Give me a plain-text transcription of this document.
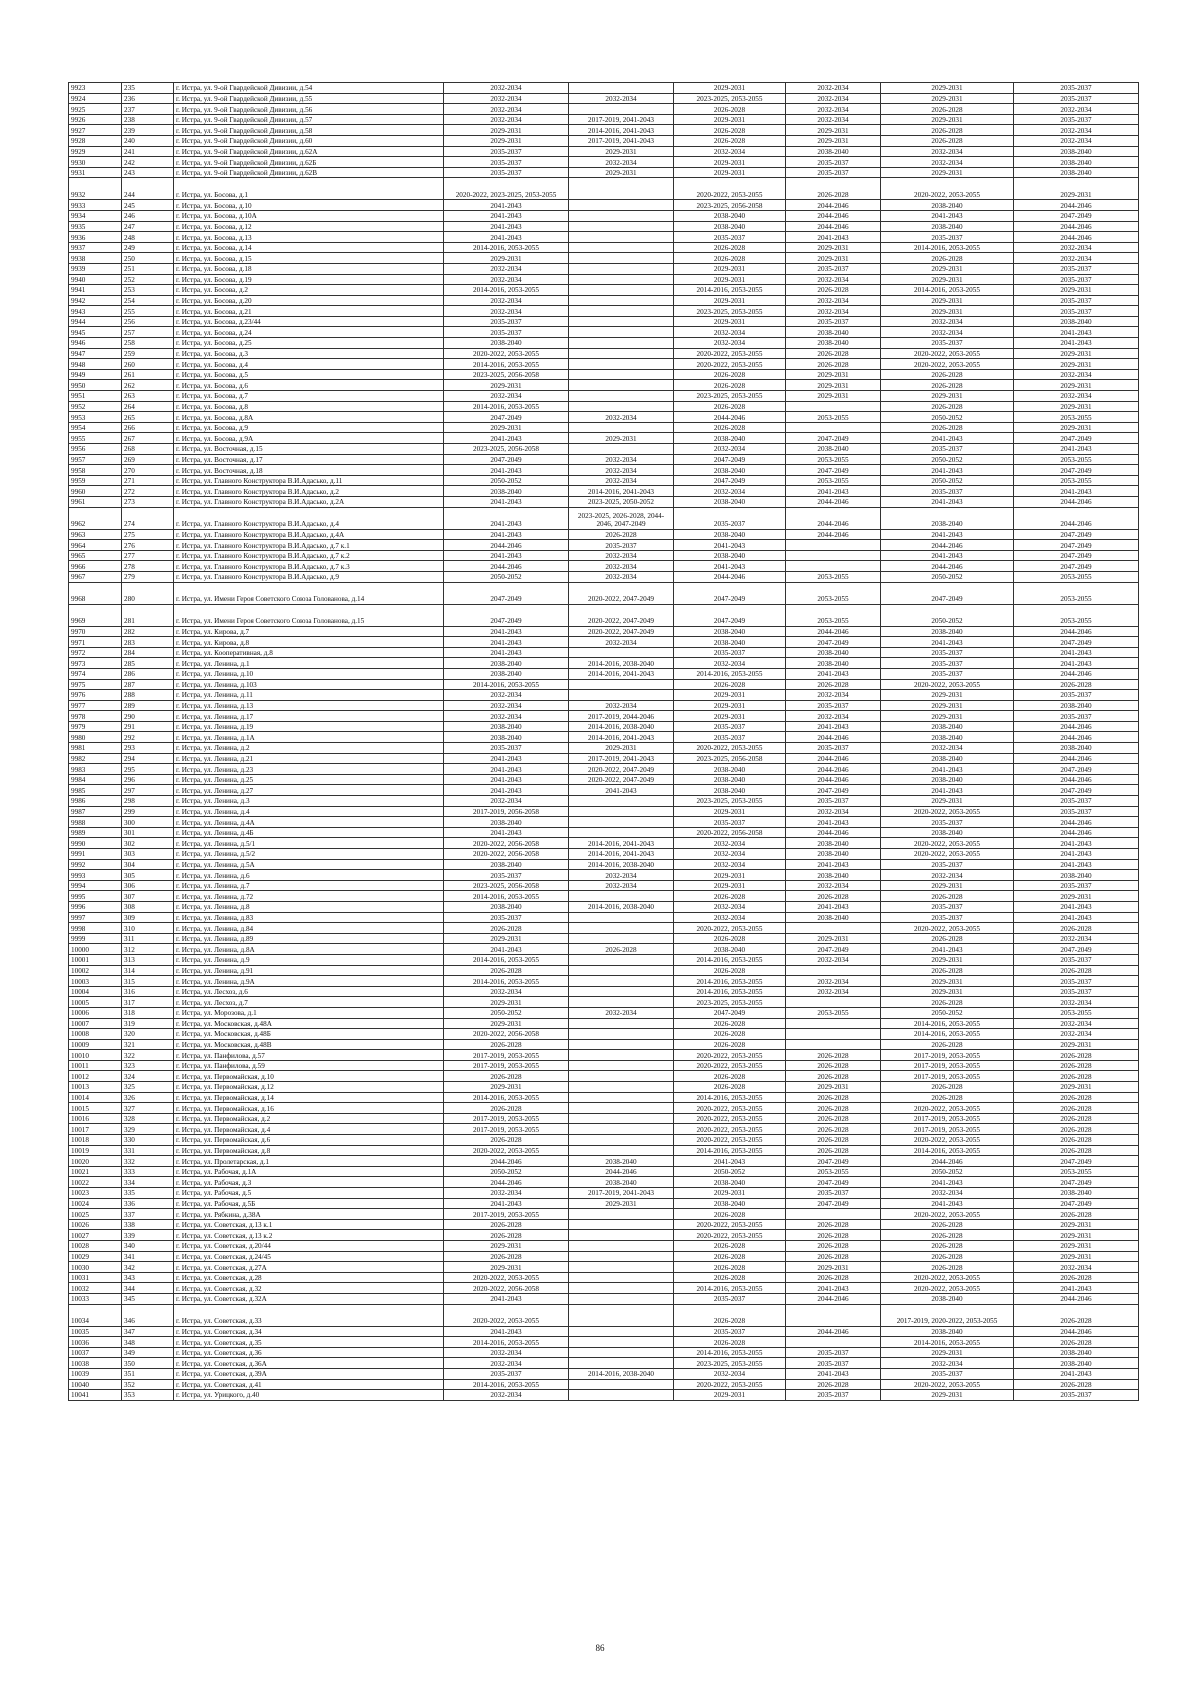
9923	235	г. Истра, ул. 9-ой Гвардейской Дивизии, д.54	2032-2034		2029-2031	2032-2034	2029-2031	2035-2037
9924	236	г. Истра, ул. 9-ой Гвардейской Дивизии, д.55	2032-2034	2032-2034	2023-2025, 2053-2055	2032-2034	2029-2031	2035-2037
9925	237	г. Истра, ул. 9-ой Гвардейской Дивизии, д.56	2032-2034		2026-2028	2032-2034	2026-2028	2032-2034
9926	238	г. Истра, ул. 9-ой Гвардейской Дивизии, д.57	2032-2034	2017-2019, 2041-2043	2029-2031	2032-2034	2029-2031	2035-2037
9927	239	г. Истра, ул. 9-ой Гвардейской Дивизии, д.58	2029-2031	2014-2016, 2041-2043	2026-2028	2029-2031	2026-2028	2032-2034
9928	240	г. Истра, ул. 9-ой Гвардейской Дивизии, д.60	2029-2031	2017-2019, 2041-2043	2026-2028	2029-2031	2026-2028	2032-2034
9929	241	г. Истра, ул. 9-ой Гвардейской Дивизии, д.62А	2035-2037	2029-2031	2032-2034	2038-2040	2032-2034	2038-2040
9930	242	г. Истра, ул. 9-ой Гвардейской Дивизии, д.62Б	2035-2037	2032-2034	2029-2031	2035-2037	2032-2034	2038-2040
9931	243	г. Истра, ул. 9-ой Гвардейской Дивизии, д.62В	2035-2037	2029-2031	2029-2031	2035-2037	2029-2031	2038-2040
9932	244	г. Истра, ул. Босова, д.1	2020-2022, 2023-2025, 2053-2055		2020-2022, 2053-2055	2026-2028	2020-2022, 2053-2055	2029-2031
9933	245	г. Истра, ул. Босова, д.10	2041-2043		2023-2025, 2056-2058	2044-2046	2038-2040	2044-2046
9934	246	г. Истра, ул. Босова, д.10А	2041-2043		2038-2040	2044-2046	2041-2043	2047-2049
9935	247	г. Истра, ул. Босова, д.12	2041-2043		2038-2040	2044-2046	2038-2040	2044-2046
9936	248	г. Истра, ул. Босова, д.13	2041-2043		2035-2037	2041-2043	2035-2037	2044-2046
9937	249	г. Истра, ул. Босова, д.14	2014-2016, 2053-2055		2026-2028	2029-2031	2014-2016, 2053-2055	2032-2034
9938	250	г. Истра, ул. Босова, д.15	2029-2031		2026-2028	2029-2031	2026-2028	2032-2034
9939	251	г. Истра, ул. Босова, д.18	2032-2034		2029-2031	2035-2037	2029-2031	2035-2037
9940	252	г. Истра, ул. Босова, д.19	2032-2034		2029-2031	2032-2034	2029-2031	2035-2037
9941	253	г. Истра, ул. Босова, д.2	2014-2016, 2053-2055		2014-2016, 2053-2055	2026-2028	2014-2016, 2053-2055	2029-2031
9942	254	г. Истра, ул. Босова, д.20	2032-2034		2029-2031	2032-2034	2029-2031	2035-2037
9943	255	г. Истра, ул. Босова, д.21	2032-2034		2023-2025, 2053-2055	2032-2034	2029-2031	2035-2037
9944	256	г. Истра, ул. Босова, д.23/44	2035-2037		2029-2031	2035-2037	2032-2034	2038-2040
9945	257	г. Истра, ул. Босова, д.24	2035-2037		2032-2034	2038-2040	2032-2034	2041-2043
9946	258	г. Истра, ул. Босова, д.25	2038-2040		2032-2034	2038-2040	2035-2037	2041-2043
9947	259	г. Истра, ул. Босова, д.3	2020-2022, 2053-2055		2020-2022, 2053-2055	2026-2028	2020-2022, 2053-2055	2029-2031
9948	260	г. Истра, ул. Босова, д.4	2014-2016, 2053-2055		2020-2022, 2053-2055	2026-2028	2020-2022, 2053-2055	2029-2031
9949	261	г. Истра, ул. Босова, д.5	2023-2025, 2056-2058		2026-2028	2029-2031	2026-2028	2032-2034
9950	262	г. Истра, ул. Босова, д.6	2029-2031		2026-2028	2029-2031	2026-2028	2029-2031
9951	263	г. Истра, ул. Босова, д.7	2032-2034		2023-2025, 2053-2055	2029-2031	2029-2031	2032-2034
9952	264	г. Истра, ул. Босова, д.8	2014-2016, 2053-2055		2026-2028		2026-2028	2029-2031
9953	265	г. Истра, ул. Босова, д.8А	2047-2049	2032-2034	2044-2046	2053-2055	2050-2052	2053-2055
9954	266	г. Истра, ул. Босова, д.9	2029-2031		2026-2028		2026-2028	2029-2031
9955	267	г. Истра, ул. Босова, д.9А	2041-2043	2029-2031	2038-2040	2047-2049	2041-2043	2047-2049
9956	268	г. Истра, ул. Восточная, д.15	2023-2025, 2056-2058		2032-2034	2038-2040	2035-2037	2041-2043
9957	269	г. Истра, ул. Восточная, д.17	2047-2049	2032-2034	2047-2049	2053-2055	2050-2052	2053-2055
9958	270	г. Истра, ул. Восточная, д.18	2041-2043	2032-2034	2038-2040	2047-2049	2041-2043	2047-2049
9959	271	г. Истра, ул. Главного Конструктора В.И.Адасько, д.11	2050-2052	2032-2034	2047-2049	2053-2055	2050-2052	2053-2055
9960	272	г. Истра, ул. Главного Конструктора В.И.Адасько, д.2	2038-2040	2014-2016, 2041-2043	2032-2034	2041-2043	2035-2037	2041-2043
9961	273	г. Истра, ул. Главного Конструктора В.И.Адасько, д.2А	2041-2043	2023-2025, 2050-2052	2038-2040	2044-2046	2041-2043	2044-2046
9962	274	г. Истра, ул. Главного Конструктора В.И.Адасько, д.4	2041-2043	2023-2025, 2026-2028, 2044-2046, 2047-2049	2035-2037	2044-2046	2038-2040	2044-2046
9963	275	г. Истра, ул. Главного Конструктора В.И.Адасько, д.4А	2041-2043	2026-2028	2038-2040	2044-2046	2041-2043	2047-2049
9964	276	г. Истра, ул. Главного Конструктора В.И.Адасько, д.7 к.1	2044-2046	2035-2037	2041-2043		2044-2046	2047-2049
9965	277	г. Истра, ул. Главного Конструктора В.И.Адасько, д.7 к.2	2041-2043	2032-2034	2038-2040		2041-2043	2047-2049
9966	278	г. Истра, ул. Главного Конструктора В.И.Адасько, д.7 к.3	2044-2046	2032-2034	2041-2043		2044-2046	2047-2049
9967	279	г. Истра, ул. Главного Конструктора В.И.Адасько, д.9	2050-2052	2032-2034	2044-2046	2053-2055	2050-2052	2053-2055
9968	280	г. Истра, ул. Имени Героя Советского Союза Голованова, д.14	2047-2049	2020-2022, 2047-2049	2047-2049	2053-2055	2047-2049	2053-2055
9969	281	г. Истра, ул. Имени Героя Советского Союза Голованова, д.15	2047-2049	2020-2022, 2047-2049	2047-2049	2053-2055	2050-2052	2053-2055
9970	282	г. Истра, ул. Кирова, д.7	2041-2043	2020-2022, 2047-2049	2038-2040	2044-2046	2038-2040	2044-2046
9971	283	г. Истра, ул. Кирова, д.8	2041-2043	2032-2034	2038-2040	2047-2049	2041-2043	2047-2049
9972	284	г. Истра, ул. Кооперативная, д.8	2041-2043		2035-2037	2038-2040	2035-2037	2041-2043
9973	285	г. Истра, ул. Ленина, д.1	2038-2040	2014-2016, 2038-2040	2032-2034	2038-2040	2035-2037	2041-2043
9974	286	г. Истра, ул. Ленина, д.10	2038-2040	2014-2016, 2041-2043	2014-2016, 2053-2055	2041-2043	2035-2037	2044-2046
9975	287	г. Истра, ул. Ленина, д.103	2014-2016, 2053-2055		2026-2028	2026-2028	2020-2022, 2053-2055	2026-2028
9976	288	г. Истра, ул. Ленина, д.11	2032-2034		2029-2031	2032-2034	2029-2031	2035-2037
9977	289	г. Истра, ул. Ленина, д.13	2032-2034	2032-2034	2029-2031	2035-2037	2029-2031	2038-2040
9978	290	г. Истра, ул. Ленина, д.17	2032-2034	2017-2019, 2044-2046	2029-2031	2032-2034	2029-2031	2035-2037
9979	291	г. Истра, ул. Ленина, д.19	2038-2040	2014-2016, 2038-2040	2035-2037	2041-2043	2038-2040	2044-2046
9980	292	г. Истра, ул. Ленина, д.1А	2038-2040	2014-2016, 2041-2043	2035-2037	2044-2046	2038-2040	2044-2046
9981	293	г. Истра, ул. Ленина, д.2	2035-2037	2029-2031	2020-2022, 2053-2055	2035-2037	2032-2034	2038-2040
9982	294	г. Истра, ул. Ленина, д.21	2041-2043	2017-2019, 2041-2043	2023-2025, 2056-2058	2044-2046	2038-2040	2044-2046
9983	295	г. Истра, ул. Ленина, д.23	2041-2043	2020-2022, 2047-2049	2038-2040	2044-2046	2041-2043	2047-2049
9984	296	г. Истра, ул. Ленина, д.25	2041-2043	2020-2022, 2047-2049	2038-2040	2044-2046	2038-2040	2044-2046
9985	297	г. Истра, ул. Ленина, д.27	2041-2043	2041-2043	2038-2040	2047-2049	2041-2043	2047-2049
9986	298	г. Истра, ул. Ленина, д.3	2032-2034		2023-2025, 2053-2055	2035-2037	2029-2031	2035-2037
9987	299	г. Истра, ул. Ленина, д.4	2017-2019, 2056-2058		2029-2031	2032-2034	2020-2022, 2053-2055	2035-2037
9988	300	г. Истра, ул. Ленина, д.4А	2038-2040		2035-2037	2041-2043	2035-2037	2044-2046
9989	301	г. Истра, ул. Ленина, д.4Б	2041-2043		2020-2022, 2056-2058	2044-2046	2038-2040	2044-2046
9990	302	г. Истра, ул. Ленина, д.5/1	2020-2022, 2056-2058	2014-2016, 2041-2043	2032-2034	2038-2040	2020-2022, 2053-2055	2041-2043
9991	303	г. Истра, ул. Ленина, д.5/2	2020-2022, 2056-2058	2014-2016, 2041-2043	2032-2034	2038-2040	2020-2022, 2053-2055	2041-2043
9992	304	г. Истра, ул. Ленина, д.5А	2038-2040	2014-2016, 2038-2040	2032-2034	2041-2043	2035-2037	2041-2043
9993	305	г. Истра, ул. Ленина, д.6	2035-2037	2032-2034	2029-2031	2038-2040	2032-2034	2038-2040
9994	306	г. Истра, ул. Ленина, д.7	2023-2025, 2056-2058	2032-2034	2029-2031	2032-2034	2029-2031	2035-2037
9995	307	г. Истра, ул. Ленина, д.72	2014-2016, 2053-2055		2026-2028	2026-2028	2026-2028	2029-2031
9996	308	г. Истра, ул. Ленина, д.8	2038-2040	2014-2016, 2038-2040	2032-2034	2041-2043	2035-2037	2041-2043
9997	309	г. Истра, ул. Ленина, д.83	2035-2037		2032-2034	2038-2040	2035-2037	2041-2043
9998	310	г. Истра, ул. Ленина, д.84	2026-2028		2020-2022, 2053-2055		2020-2022, 2053-2055	2026-2028
9999	311	г. Истра, ул. Ленина, д.89	2029-2031		2026-2028	2029-2031	2026-2028	2032-2034
10000	312	г. Истра, ул. Ленина, д.8А	2041-2043	2026-2028	2038-2040	2047-2049	2041-2043	2047-2049
10001	313	г. Истра, ул. Ленина, д.9	2014-2016, 2053-2055		2014-2016, 2053-2055	2032-2034	2029-2031	2035-2037
10002	314	г. Истра, ул. Ленина, д.91	2026-2028		2026-2028		2026-2028	2026-2028
10003	315	г. Истра, ул. Ленина, д.9А	2014-2016, 2053-2055		2014-2016, 2053-2055	2032-2034	2029-2031	2035-2037
10004	316	г. Истра, ул. Лесхоз, д.6	2032-2034		2014-2016, 2053-2055	2032-2034	2029-2031	2035-2037
10005	317	г. Истра, ул. Лесхоз, д.7	2029-2031		2023-2025, 2053-2055		2026-2028	2032-2034
10006	318	г. Истра, ул. Морозова, д.1	2050-2052	2032-2034	2047-2049	2053-2055	2050-2052	2053-2055
10007	319	г. Истра, ул. Московская, д.48А	2029-2031		2026-2028		2014-2016, 2053-2055	2032-2034
10008	320	г. Истра, ул. Московская, д.48Б	2020-2022, 2056-2058		2026-2028		2014-2016, 2053-2055	2032-2034
10009	321	г. Истра, ул. Московская, д.48В	2026-2028		2026-2028		2026-2028	2029-2031
10010	322	г. Истра, ул. Панфилова, д.57	2017-2019, 2053-2055		2020-2022, 2053-2055	2026-2028	2017-2019, 2053-2055	2026-2028
10011	323	г. Истра, ул. Панфилова, д.59	2017-2019, 2053-2055		2020-2022, 2053-2055	2026-2028	2017-2019, 2053-2055	2026-2028
10012	324	г. Истра, ул. Первомайская, д.10	2026-2028		2026-2028	2026-2028	2017-2019, 2053-2055	2026-2028
10013	325	г. Истра, ул. Первомайская, д.12	2029-2031		2026-2028	2029-2031	2026-2028	2029-2031
10014	326	г. Истра, ул. Первомайская, д.14	2014-2016, 2053-2055		2014-2016, 2053-2055	2026-2028	2026-2028	2026-2028
10015	327	г. Истра, ул. Первомайская, д.16	2026-2028		2020-2022, 2053-2055	2026-2028	2020-2022, 2053-2055	2026-2028
10016	328	г. Истра, ул. Первомайская, д.2	2017-2019, 2053-2055		2020-2022, 2053-2055	2026-2028	2017-2019, 2053-2055	2026-2028
10017	329	г. Истра, ул. Первомайская, д.4	2017-2019, 2053-2055		2020-2022, 2053-2055	2026-2028	2017-2019, 2053-2055	2026-2028
10018	330	г. Истра, ул. Первомайская, д.6	2026-2028		2020-2022, 2053-2055	2026-2028	2020-2022, 2053-2055	2026-2028
10019	331	г. Истра, ул. Первомайская, д.8	2020-2022, 2053-2055		2014-2016, 2053-2055	2026-2028	2014-2016, 2053-2055	2026-2028
10020	332	г. Истра, ул. Пролетарская, д.1	2044-2046	2038-2040	2041-2043	2047-2049	2044-2046	2047-2049
10021	333	г. Истра, ул. Рабочая, д.1А	2050-2052	2044-2046	2050-2052	2053-2055	2050-2052	2053-2055
10022	334	г. Истра, ул. Рабочая, д.3	2044-2046	2038-2040	2038-2040	2047-2049	2041-2043	2047-2049
10023	335	г. Истра, ул. Рабочая, д.5	2032-2034	2017-2019, 2041-2043	2029-2031	2035-2037	2032-2034	2038-2040
10024	336	г. Истра, ул. Рабочая, д.5Б	2041-2043	2029-2031	2038-2040	2047-2049	2041-2043	2047-2049
10025	337	г. Истра, ул. Рябкина, д.38А	2017-2019, 2053-2055		2026-2028		2020-2022, 2053-2055	2026-2028
10026	338	г. Истра, ул. Советская, д.13 к.1	2026-2028		2020-2022, 2053-2055	2026-2028	2026-2028	2029-2031
10027	339	г. Истра, ул. Советская, д.13 к.2	2026-2028		2020-2022, 2053-2055	2026-2028	2026-2028	2029-2031
10028	340	г. Истра, ул. Советская, д.20/44	2029-2031		2026-2028	2026-2028	2026-2028	2029-2031
10029	341	г. Истра, ул. Советская, д.24/45	2026-2028		2026-2028	2026-2028	2026-2028	2029-2031
10030	342	г. Истра, ул. Советская, д.27А	2029-2031		2026-2028	2029-2031	2026-2028	2032-2034
10031	343	г. Истра, ул. Советская, д.28	2020-2022, 2053-2055		2026-2028	2026-2028	2020-2022, 2053-2055	2026-2028
10032	344	г. Истра, ул. Советская, д.32	2020-2022, 2056-2058		2014-2016, 2053-2055	2041-2043	2020-2022, 2053-2055	2041-2043
10033	345	г. Истра, ул. Советская, д.32А	2041-2043		2035-2037	2044-2046	2038-2040	2044-2046
10034	346	г. Истра, ул. Советская, д.33	2020-2022, 2053-2055		2026-2028		2017-2019, 2020-2022, 2053-2055	2026-2028
10035	347	г. Истра, ул. Советская, д.34	2041-2043		2035-2037	2044-2046	2038-2040	2044-2046
10036	348	г. Истра, ул. Советская, д.35	2014-2016, 2053-2055		2026-2028		2014-2016, 2053-2055	2026-2028
10037	349	г. Истра, ул. Советская, д.36	2032-2034		2014-2016, 2053-2055	2035-2037	2029-2031	2038-2040
10038	350	г. Истра, ул. Советская, д.36А	2032-2034		2023-2025, 2053-2055	2035-2037	2032-2034	2038-2040
10039	351	г. Истра, ул. Советская, д.39А	2035-2037	2014-2016, 2038-2040	2032-2034	2041-2043	2035-2037	2041-2043
10040	352	г. Истра, ул. Советская, д.41	2014-2016, 2053-2055		2020-2022, 2053-2055	2026-2028	2020-2022, 2053-2055	2026-2028
10041	353	г. Истра, ул. Урицкого, д.40	2032-2034		2029-2031	2035-2037	2029-2031	2035-2037
86
